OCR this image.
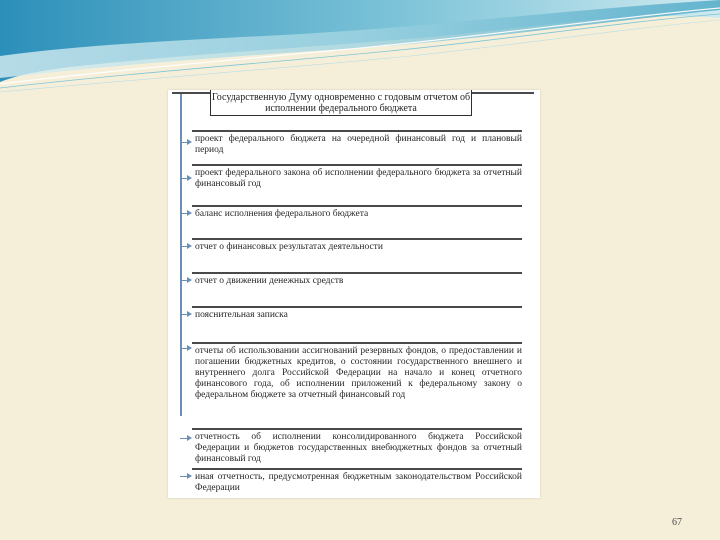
Государственную Думу одновременно с годовым отчетом об исполнении федерального бюджета
проект федерального бюджета на очередной финансовый год и плановый период
проект федерального закона об исполнении федерального бюджета за отчетный финансовый год
баланс исполнения федерального бюджета
отчет о финансовых результатах деятельности
отчет о движении денежных средств
пояснительная записка
отчеты об использовании ассигнований резервных фондов, о предоставлении и погашении бюджетных кредитов, о состоянии государственного внешнего и внутреннего долга Российской Федерации на начало и конец отчетного финансового года, об исполнении приложений к федеральному закону о федеральном бюджете за отчетный финансовый год
отчетность об исполнении консолидированного бюджета Российской Федерации и бюджетов государственных внебюджетных фондов за отчетный финансовый год
иная отчетность, предусмотренная бюджетным законодательством Российской Федерации
67
